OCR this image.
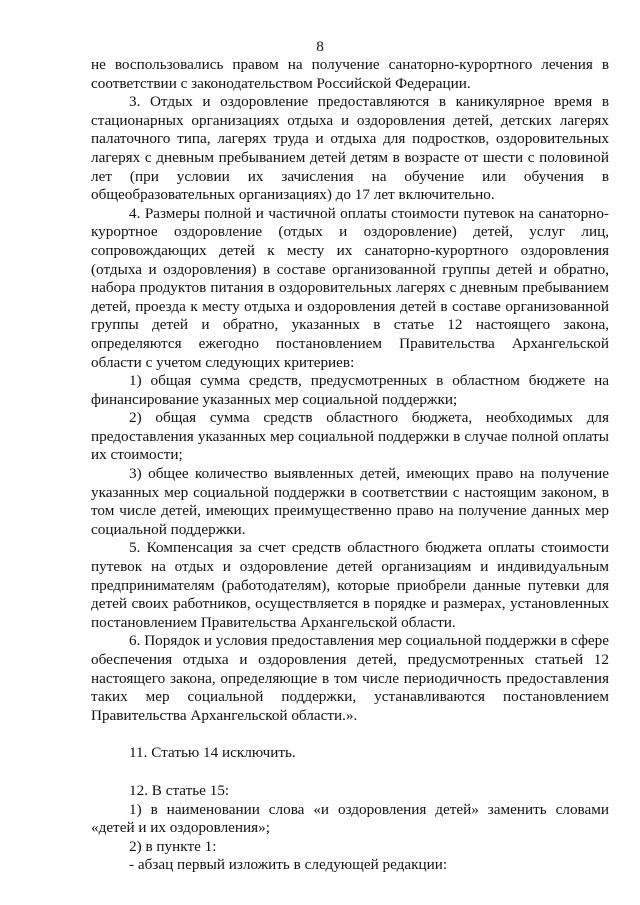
8

не воспользовались правом на получение санаторно-курортного лечения в соответствии с законодательством Российской Федерации.

3. Отдых и оздоровление предоставляются в каникулярное время в стационарных организациях отдыха и оздоровления детей, детских лагерях палаточного типа, лагерях труда и отдыха для подростков, оздоровительных лагерях с дневным пребыванием детей детям в возрасте от шести с половиной лет (при условии их зачисления на обучение или обучения в общеобразовательных организациях) до 17 лет включительно.

4. Размеры полной и частичной оплаты стоимости путевок на санаторно-курортное оздоровление (отдых и оздоровление) детей, услуг лиц, сопровождающих детей к месту их санаторно-курортного оздоровления (отдыха и оздоровления) в составе организованной группы детей и обратно, набора продуктов питания в оздоровительных лагерях с дневным пребыванием детей, проезда к месту отдыха и оздоровления детей в составе организованной группы детей и обратно, указанных в статье 12 настоящего закона, определяются ежегодно постановлением Правительства Архангельской области с учетом следующих критериев:

1) общая сумма средств, предусмотренных в областном бюджете на финансирование указанных мер социальной поддержки;

2) общая сумма средств областного бюджета, необходимых для предоставления указанных мер социальной поддержки в случае полной оплаты их стоимости;

3) общее количество выявленных детей, имеющих право на получение указанных мер социальной поддержки в соответствии с настоящим законом, в том числе детей, имеющих преимущественно право на получение данных мер социальной поддержки.

5. Компенсация за счет средств областного бюджета оплаты стоимости путевок на отдых и оздоровление детей организациям и индивидуальным предпринимателям (работодателям), которые приобрели данные путевки для детей своих работников, осуществляется в порядке и размерах, установленных постановлением Правительства Архангельской области.

6. Порядок и условия предоставления мер социальной поддержки в сфере обеспечения отдыха и оздоровления детей, предусмотренных статьей 12 настоящего закона, определяющие в том числе периодичность предоставления таких мер социальной поддержки, устанавливаются постановлением Правительства Архангельской области.».

11. Статью 14 исключить.

12. В статье 15:

1) в наименовании слова «и оздоровления детей» заменить словами «детей и их оздоровления»;

2) в пункте 1:

- абзац первый изложить в следующей редакции:
